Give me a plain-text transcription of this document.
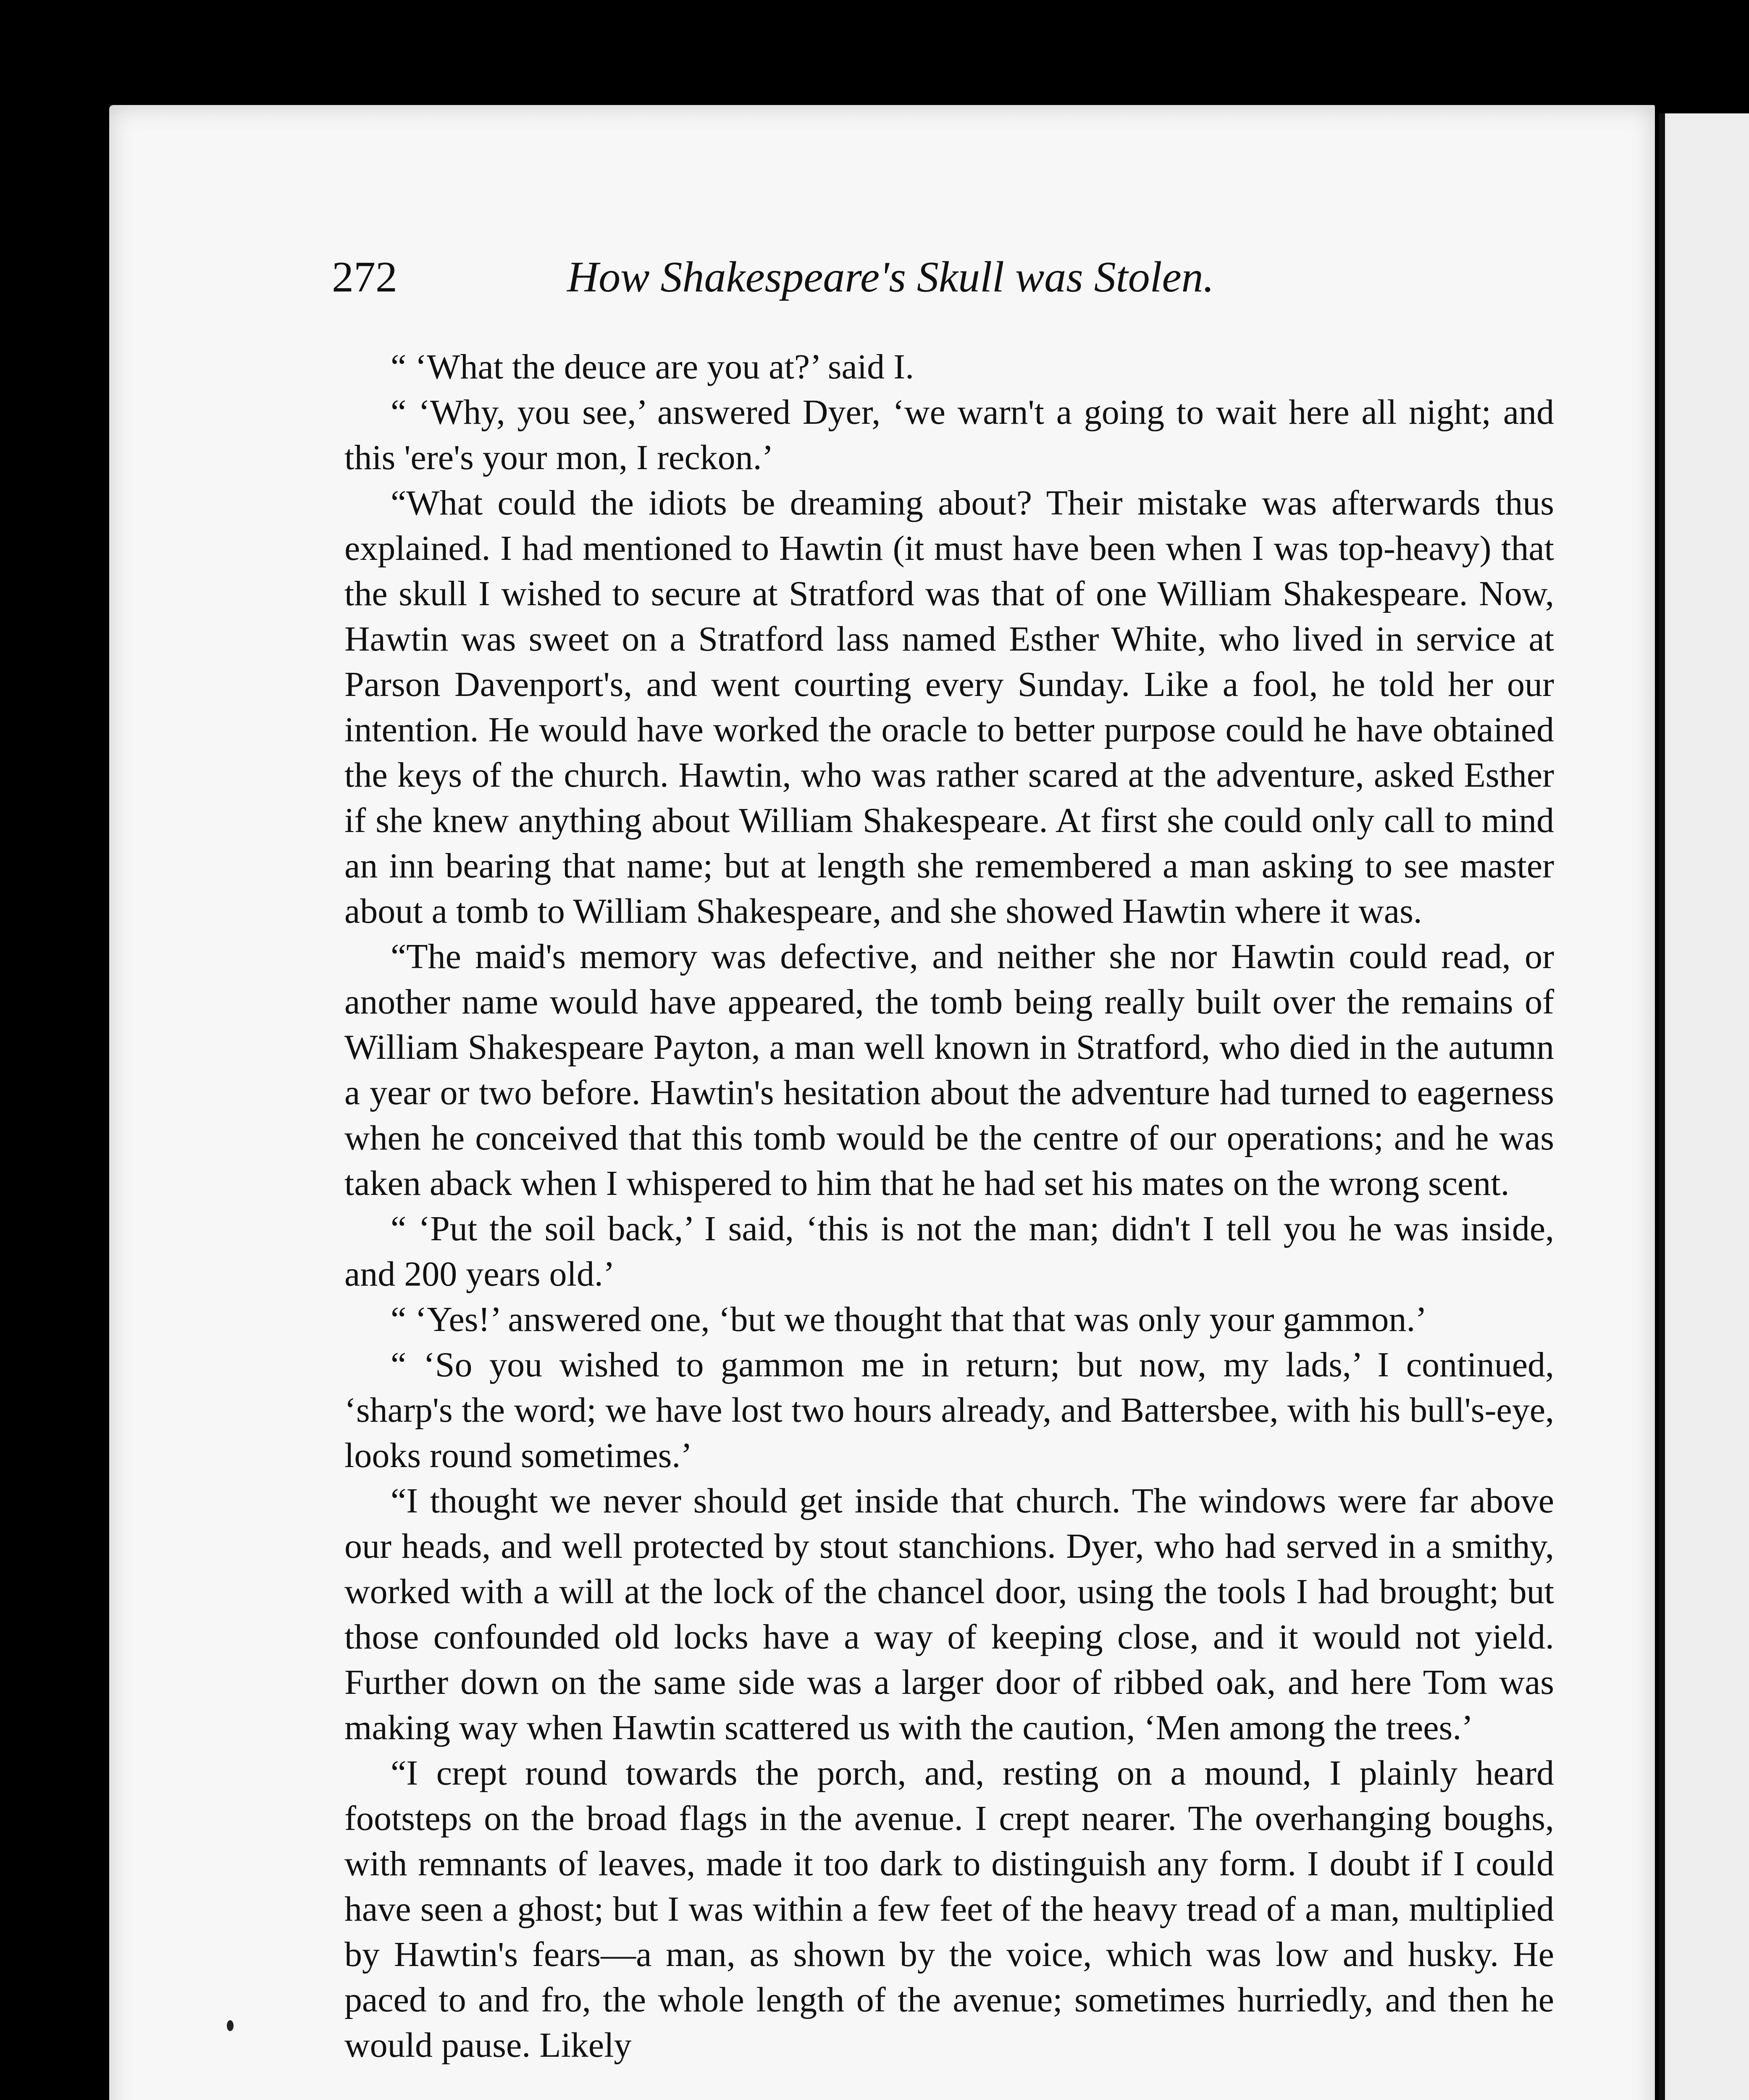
272	How Shakespeare's Skull was Stolen.

“ ‘What the deuce are you at?’ said I.

“ ‘Why, you see,’ answered Dyer, ‘we warn't a going to wait here all night; and this 'ere's your mon, I reckon.’

“What could the idiots be dreaming about? Their mistake was afterwards thus explained. I had mentioned to Hawtin (it must have been when I was top-heavy) that the skull I wished to secure at Stratford was that of one William Shakespeare. Now, Hawtin was sweet on a Stratford lass named Esther White, who lived in service at Parson Davenport's, and went courting every Sunday. Like a fool, he told her our intention. He would have worked the oracle to better purpose could he have obtained the keys of the church. Hawtin, who was rather scared at the adventure, asked Esther if she knew anything about William Shakespeare. At first she could only call to mind an inn bearing that name; but at length she remembered a man asking to see master about a tomb to William Shakespeare, and she showed Hawtin where it was.

“The maid's memory was defective, and neither she nor Hawtin could read, or another name would have appeared, the tomb being really built over the remains of William Shakespeare Payton, a man well known in Stratford, who died in the autumn a year or two before. Hawtin's hesitation about the adventure had turned to eagerness when he conceived that this tomb would be the centre of our operations; and he was taken aback when I whispered to him that he had set his mates on the wrong scent.

“ ‘Put the soil back,’ I said, ‘this is not the man; didn't I tell you he was inside, and 200 years old.’

“ ‘Yes!’ answered one, ‘but we thought that that was only your gammon.’

“ ‘So you wished to gammon me in return; but now, my lads,’ I continued, ‘sharp's the word; we have lost two hours already, and Battersbee, with his bull's-eye, looks round sometimes.’

“I thought we never should get inside that church. The windows were far above our heads, and well protected by stout stanchions. Dyer, who had served in a smithy, worked with a will at the lock of the chancel door, using the tools I had brought; but those confounded old locks have a way of keeping close, and it would not yield. Further down on the same side was a larger door of ribbed oak, and here Tom was making way when Hawtin scattered us with the caution, ‘Men among the trees.’

“I crept round towards the porch, and, resting on a mound, I plainly heard footsteps on the broad flags in the avenue. I crept nearer. The overhanging boughs, with remnants of leaves, made it too dark to distinguish any form. I doubt if I could have seen a ghost; but I was within a few feet of the heavy tread of a man, multiplied by Hawtin's fears—a man, as shown by the voice, which was low and husky. He paced to and fro, the whole length of the avenue; sometimes hurriedly, and then he would pause. Likely
